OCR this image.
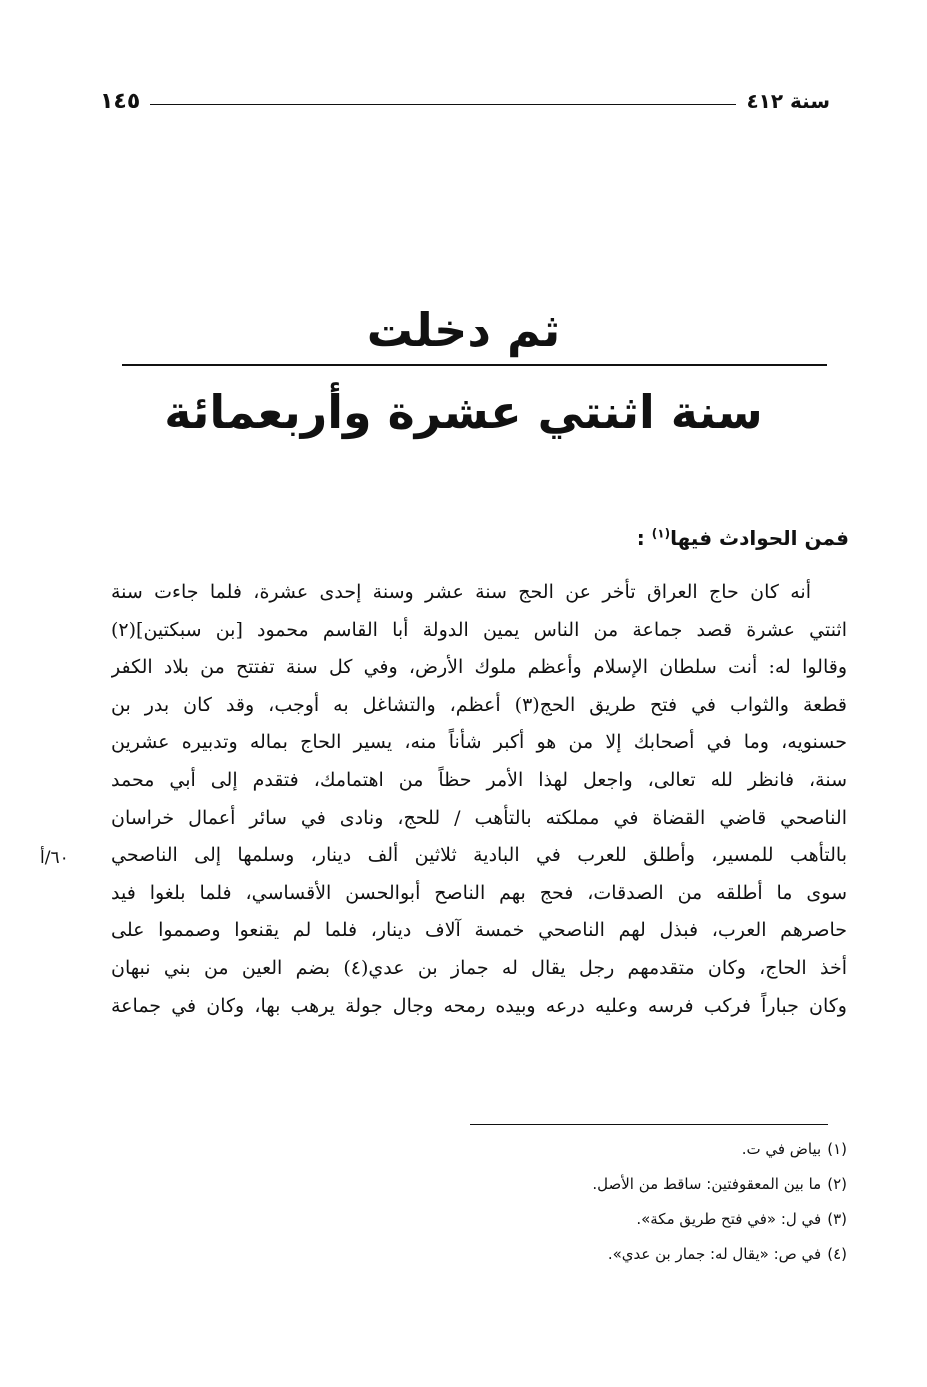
١٤٥	سنة ٤١٢
ثم دخلت
سنة اثنتي عشرة وأربعمائة
فمن الحوادث فيها$^{(١)}$ :
أنه كان حاج العراق تأخر عن الحج سنة عشر وسنة إحدى عشرة، فلما جاءت سنة
اثنتي عشرة قصد جماعة من الناس يمين الدولة أبا القاسم محمود [بن سبكتين](٢)
وقالوا له: أنت سلطان الإسلام وأعظم ملوك الأرض، وفي كل سنة تفتتح من بلاد الكفر
قطعة والثواب في فتح طريق الحج(٣) أعظم، والتشاغل به أوجب، وقد كان بدر بن
حسنويه، وما في أصحابك إلا من هو أكبر شأناً منه، يسير الحاج بماله وتدبيره عشرين
سنة، فانظر لله تعالى، واجعل لهذا الأمر حظاً من اهتمامك، فتقدم إلى أبي محمد
الناصحي قاضي القضاة في مملكته بالتأهب / للحج، ونادى في سائر أعمال خراسان
بالتأهب للمسير، وأطلق للعرب في البادية ثلاثين ألف دينار، وسلمها إلى الناصحي
سوى ما أطلقه من الصدقات، فحج بهم الناصح أبوالحسن الأقساسي، فلما بلغوا فيد
حاصرهم العرب، فبذل لهم الناصحي خمسة آلاف دينار، فلما لم يقنعوا وصمموا على
أخذ الحاج، وكان متقدمهم رجل يقال له جماز بن عدي(٤) بضم العين من بني نبهان
وكان جباراً فركب فرسه وعليه درعه وبيده رمحه وجال جولة يرهب بها، وكان في جماعة
٦٠/أ
(١)بياض في ت.
(٢)ما بين المعقوفتين: ساقط من الأصل.
(٣)في ل: «في فتح طريق مكة».
(٤)في ص: «يقال له: جمار بن عدي».
